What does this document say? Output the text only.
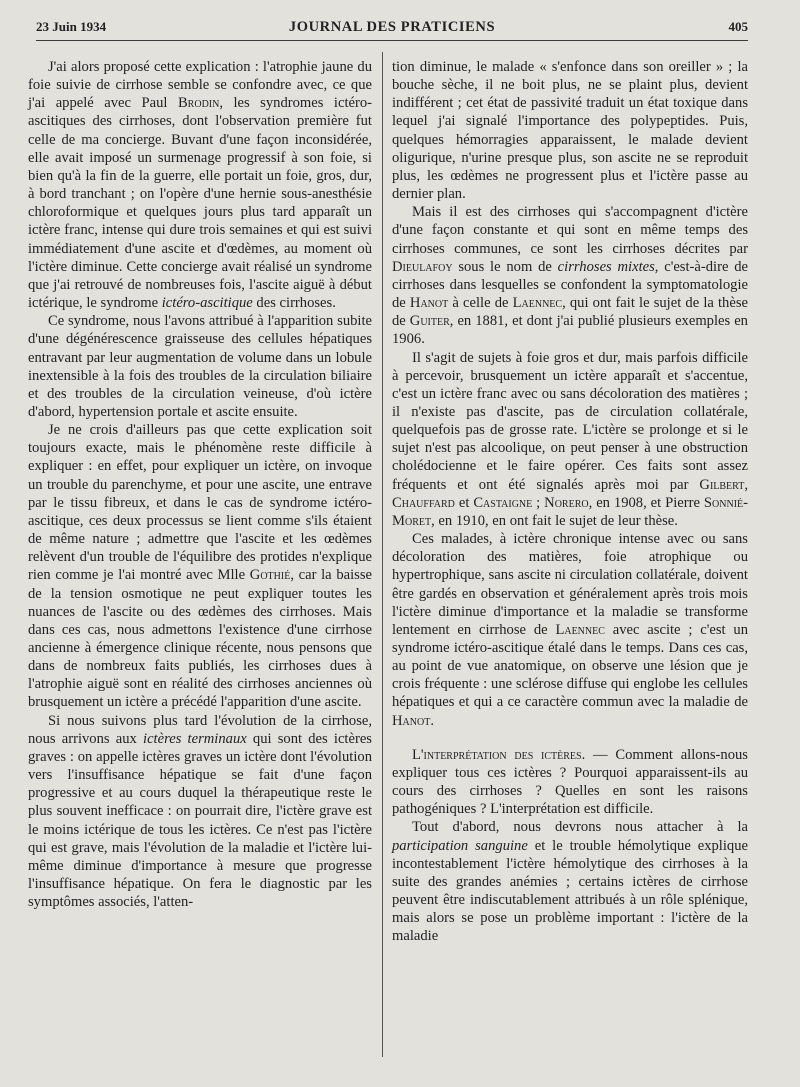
23 Juin 1934	JOURNAL DES PRATICIENS	405

J'ai alors proposé cette explication : l'atrophie jaune du foie suivie de cirrhose semble se confondre avec, ce que j'ai appelé avec Paul Brodin, les syndromes ictéro-ascitiques des cirrhoses, dont l'observation première fut celle de ma concierge. Buvant d'une façon inconsidérée, elle avait imposé un surmenage progressif à son foie, si bien qu'à la fin de la guerre, elle portait un foie, gros, dur, à bord tranchant ; on l'opère d'une hernie sous-anesthésie chloroformique et quelques jours plus tard apparaît un ictère franc, intense qui dure trois semaines et qui est suivi immédiatement d'une ascite et d'œdèmes, au moment où l'ictère diminue. Cette concierge avait réalisé un syndrome que j'ai retrouvé de nombreuses fois, l'ascite aiguë à début ictérique, le syndrome ictéro-ascitique des cirrhoses.

Ce syndrome, nous l'avons attribué à l'apparition subite d'une dégénérescence graisseuse des cellules hépatiques entravant par leur augmentation de volume dans un lobule inextensible à la fois des troubles de la circulation biliaire et des troubles de la circulation veineuse, d'où ictère d'abord, hypertension portale et ascite ensuite.

Je ne crois d'ailleurs pas que cette explication soit toujours exacte, mais le phénomène reste difficile à expliquer : en effet, pour expliquer un ictère, on invoque un trouble du parenchyme, et pour une ascite, une entrave par le tissu fibreux, et dans le cas de syndrome ictéro-ascitique, ces deux processus se lient comme s'ils étaient de même nature ; admettre que l'ascite et les œdèmes relèvent d'un trouble de l'équilibre des protides n'explique rien comme je l'ai montré avec Mlle Gothié, car la baisse de la tension osmotique ne peut expliquer toutes les nuances de l'ascite ou des œdèmes des cirrhoses. Mais dans ces cas, nous admettons l'existence d'une cirrhose ancienne à émergence clinique récente, nous pensons que dans de nombreux faits publiés, les cirrhoses dues à l'atrophie aiguë sont en réalité des cirrhoses anciennes où brusquement un ictère a précédé l'apparition d'une ascite.

Si nous suivons plus tard l'évolution de la cirrhose, nous arrivons aux ictères terminaux qui sont des ictères graves : on appelle ictères graves un ictère dont l'évolution vers l'insuffisance hépatique se fait d'une façon progressive et au cours duquel la thérapeutique reste le plus souvent inefficace : on pourrait dire, l'ictère grave est le moins ictérique de tous les ictères. Ce n'est pas l'ictère qui est grave, mais l'évolution de la maladie et l'ictère lui-même diminue d'importance à mesure que progresse l'insuffisance hépatique. On fera le diagnostic par les symptômes associés, l'atten-

tion diminue, le malade « s'enfonce dans son oreiller » ; la bouche sèche, il ne boit plus, ne se plaint plus, devient indifférent ; cet état de passivité traduit un état toxique dans lequel j'ai signalé l'importance des polypeptides. Puis, quelques hémorragies apparaissent, le malade devient oligurique, n'urine presque plus, son ascite ne se reproduit plus, les œdèmes ne progressent plus et l'ictère passe au dernier plan.

Mais il est des cirrhoses qui s'accompagnent d'ictère d'une façon constante et qui sont en même temps des cirrhoses communes, ce sont les cirrhoses décrites par Dieulafoy sous le nom de cirrhoses mixtes, c'est-à-dire de cirrhoses dans lesquelles se confondent la symptomatologie de Hanot à celle de Laennec, qui ont fait le sujet de la thèse de Guiter, en 1881, et dont j'ai publié plusieurs exemples en 1906.

Il s'agit de sujets à foie gros et dur, mais parfois difficile à percevoir, brusquement un ictère apparaît et s'accentue, c'est un ictère franc avec ou sans décoloration des matières ; il n'existe pas d'ascite, pas de circulation collatérale, quelquefois pas de grosse rate. L'ictère se prolonge et si le sujet n'est pas alcoolique, on peut penser à une obstruction cholédocienne et le faire opérer. Ces faits sont assez fréquents et ont été signalés après moi par Gilbert, Chauffard et Castaigne ; Norero, en 1908, et Pierre Sonnié-Moret, en 1910, en ont fait le sujet de leur thèse.

Ces malades, à ictère chronique intense avec ou sans décoloration des matières, foie atrophique ou hypertrophique, sans ascite ni circulation collatérale, doivent être gardés en observation et généralement après trois mois l'ictère diminue d'importance et la maladie se transforme lentement en cirrhose de Laennec avec ascite ; c'est un syndrome ictéro-ascitique étalé dans le temps. Dans ces cas, au point de vue anatomique, on observe une lésion que je crois fréquente : une sclérose diffuse qui englobe les cellules hépatiques et qui a ce caractère commun avec la maladie de Hanot.

L'interprétation des ictères. — Comment allons-nous expliquer tous ces ictères ? Pourquoi apparaissent-ils au cours des cirrhoses ? Quelles en sont les raisons pathogéniques ? L'interprétation est difficile.

Tout d'abord, nous devrons nous attacher à la participation sanguine et le trouble hémolytique explique incontestablement l'ictère hémolytique des cirrhoses à la suite des grandes anémies ; certains ictères de cirrhose peuvent être indiscutablement attribués à un rôle splénique, mais alors se pose un problème important : l'ictère de la maladie
